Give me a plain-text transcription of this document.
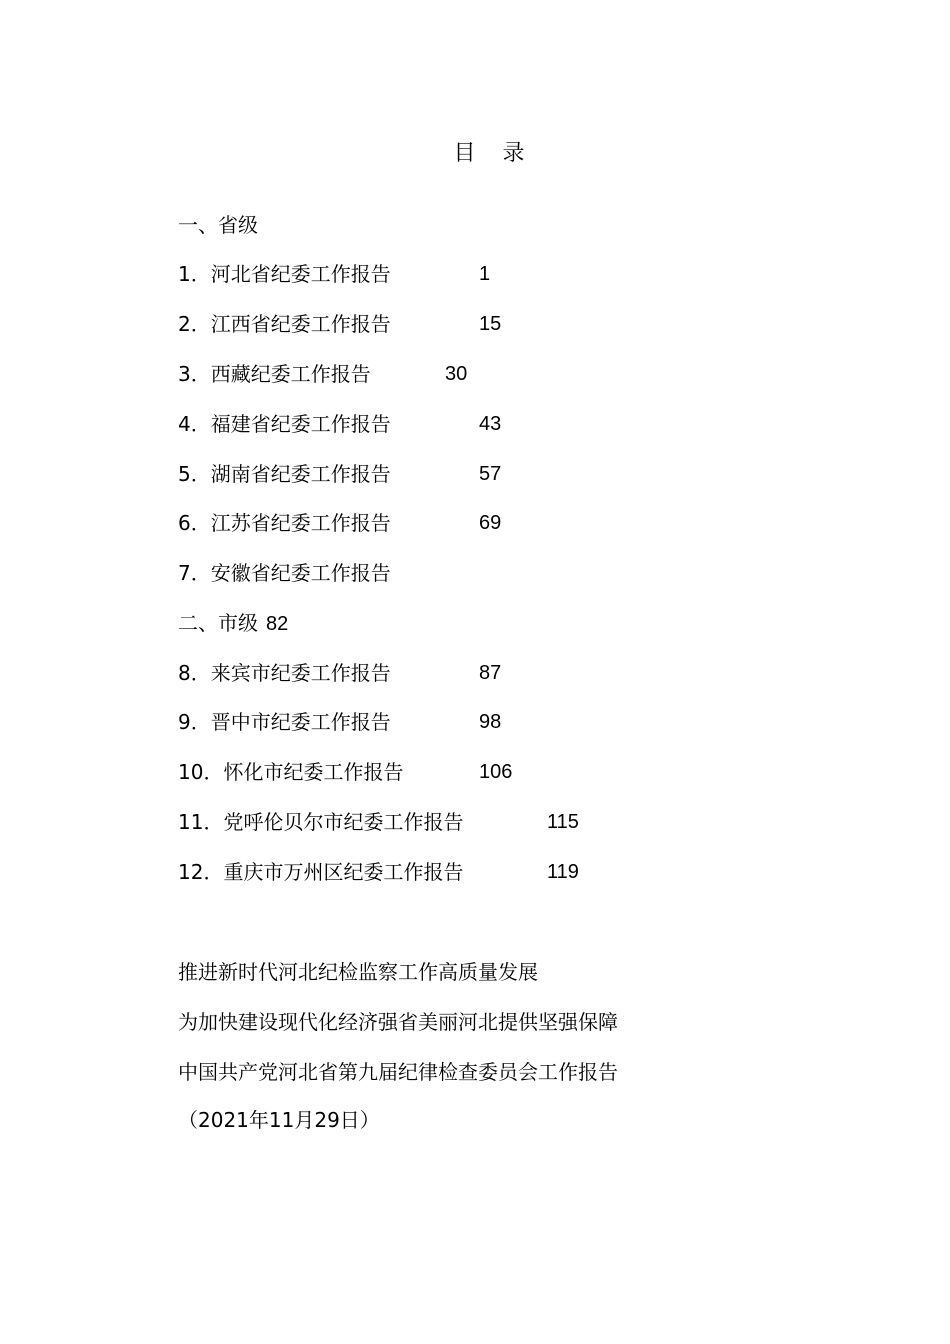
目 录
一、省级
1．河北省纪委工作报告	1
2．江西省纪委工作报告	15
3．西藏纪委工作报告	30
4．福建省纪委工作报告	43
5．湖南省纪委工作报告	57
6．江苏省纪委工作报告	69
7．安徽省纪委工作报告
二、市级 82
8．来宾市纪委工作报告	87
9．晋中市纪委工作报告	98
10．怀化市纪委工作报告	106
11．党呼伦贝尔市纪委工作报告	115
12．重庆市万州区纪委工作报告	119
推进新时代河北纪检监察工作高质量发展
为加快建设现代化经济强省美丽河北提供坚强保障
中国共产党河北省第九届纪律检查委员会工作报告
（2021年11月29日）
